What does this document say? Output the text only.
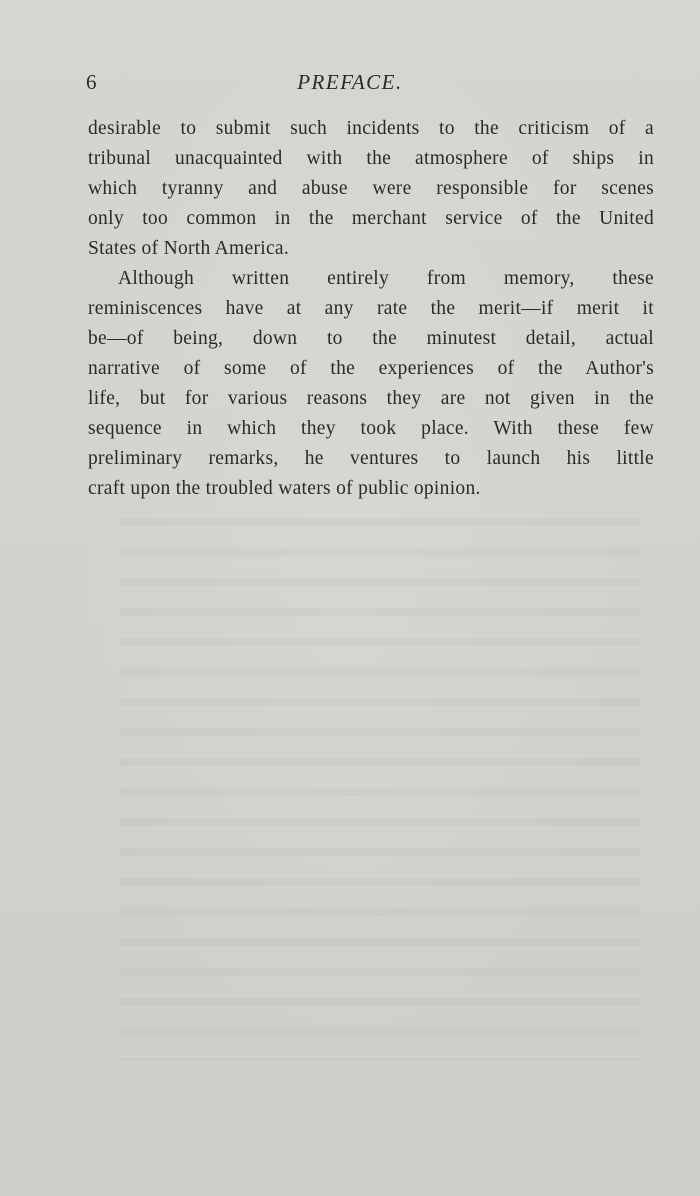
6	PREFACE.
desirable to submit such incidents to the criticism of a
tribunal unacquainted with the atmosphere of ships in
which tyranny and abuse were responsible for scenes
only too common in the merchant service of the United
States of North America.
Although written entirely from memory, these
reminiscences have at any rate the merit—if merit it
be—of being, down to the minutest detail, actual
narrative of some of the experiences of the Author's
life, but for various reasons they are not given in the
sequence in which they took place. With these few
preliminary remarks, he ventures to launch his little
craft upon the troubled waters of public opinion.
